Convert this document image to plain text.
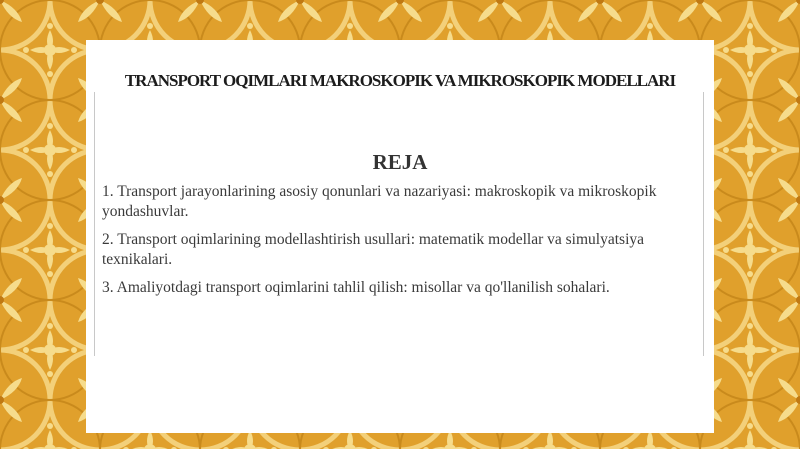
TRANSPORT OQIMLARI MAKROSKOPIK VA MIKROSKOPIK MODELLARI
REJA
1. Transport jarayonlarining asosiy qonunlari va nazariyasi: makroskopik va mikroskopik yondashuvlar.
2. Transport oqimlarining modellashtirish usullari: matematik modellar va simulyatsiya texnikalari.
3. Amaliyotdagi transport oqimlarini tahlil qilish: misollar va qo'llanilish sohalari.
